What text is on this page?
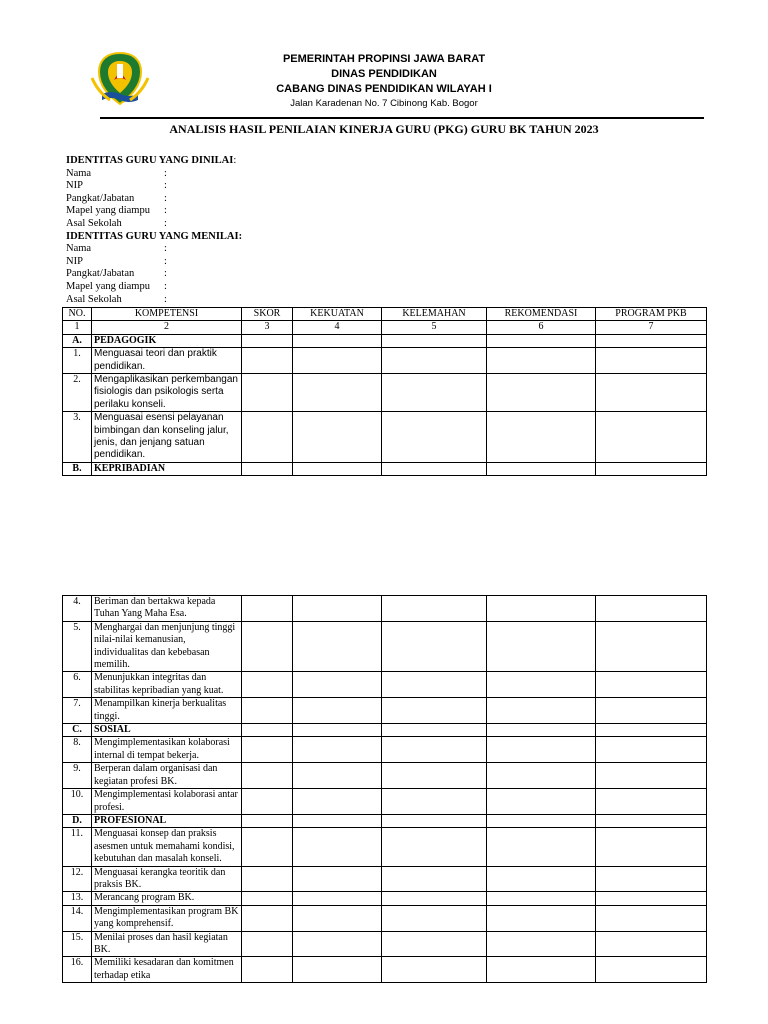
PEMERINTAH PROPINSI JAWA BARAT
DINAS PENDIDIKAN
CABANG DINAS PENDIDIKAN WILAYAH I
Jalan Karadenan No. 7 Cibinong Kab. Bogor
ANALISIS HASIL PENILAIAN KINERJA GURU (PKG) GURU BK TAHUN 2023
IDENTITAS GURU YANG DINILAI:
Nama	:
NIP	:
Pangkat/Jabatan	:
Mapel yang diampu :
Asal Sekolah	:
IDENTITAS GURU YANG MENILAI:
Nama	:
NIP	:
Pangkat/Jabatan	:
Mapel yang diampu :
Asal Sekolah	:
NO.	KOMPETENSI	SKOR	KEKUATAN	KELEMAHAN	REKOMENDASI	PROGRAM PKB
1	2	3	4	5	6	7
A.	PEDAGOGIK					
1.	Menguasai teori dan praktik pendidikan.					
2.	Mengaplikasikan perkembangan fisiologis dan psikologis serta perilaku konseli.					
3.	Menguasai esensi pelayanan bimbingan dan konseling jalur, jenis, dan jenjang satuan pendidikan.					
B.	KEPRIBADIAN					
4.	Beriman dan bertakwa kepada Tuhan Yang Maha Esa.					
5.	Menghargai dan menjunjung tinggi nilai-nilai kemanusian, individualitas dan kebebasan memilih.					
6.	Menunjukkan integritas dan stabilitas kepribadian yang kuat.					
7.	Menampilkan kinerja berkualitas tinggi.					
C.	SOSIAL					
8.	Mengimplementasikan kolaborasi internal di tempat bekerja.					
9.	Berperan dalam organisasi dan kegiatan profesi BK.					
10.	Mengimplementasi kolaborasi antar profesi.					
D.	PROFESIONAL					
11.	Menguasai konsep dan praksis asesmen untuk memahami kondisi, kebutuhan dan masalah konseli.					
12.	Menguasai kerangka teoritik dan praksis BK.					
13.	Merancang program BK.					
14.	Mengimplementasikan program BK yang komprehensif.					
15.	Menilai proses dan hasil kegiatan BK.					
16.	Memiliki kesadaran dan komitmen terhadap etika					
